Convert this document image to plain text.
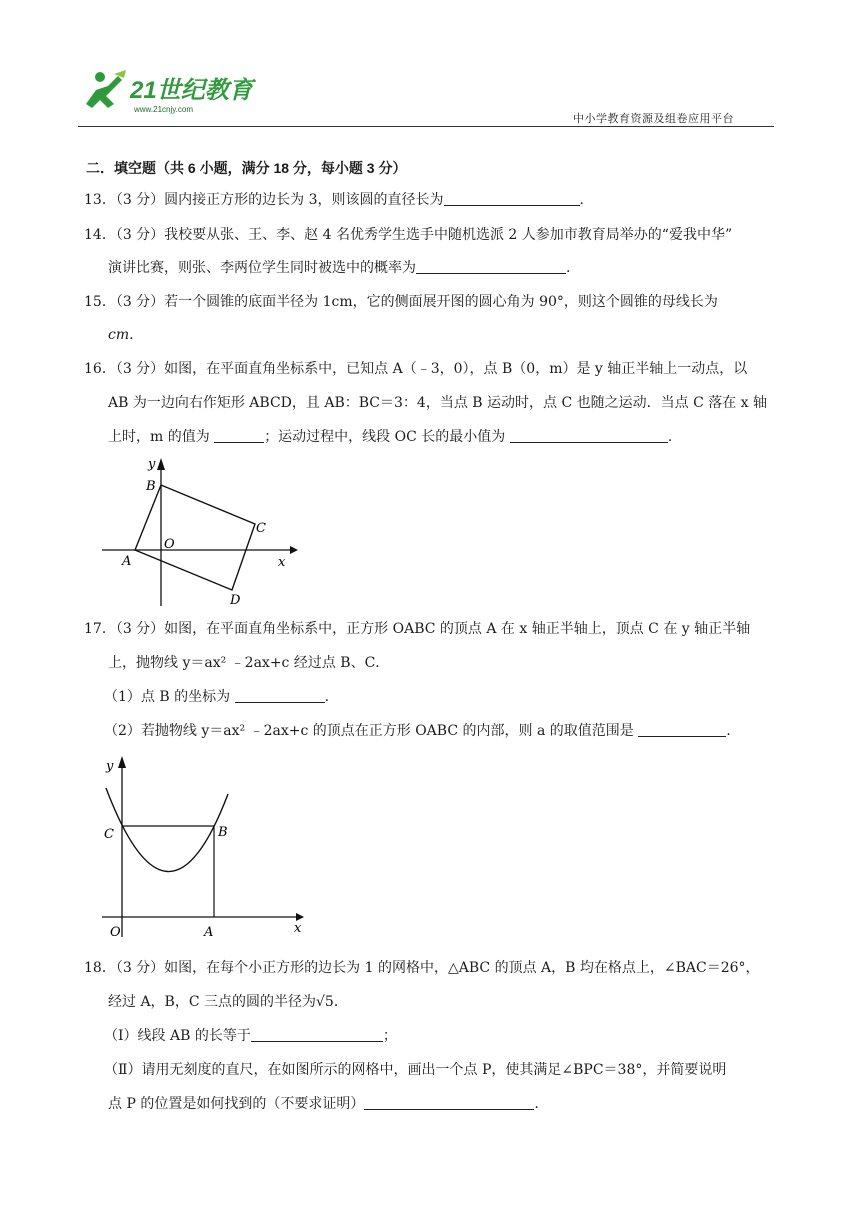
21世纪教育
www.21cnjy.com
中小学教育资源及组卷应用平台
二．填空题（共 6 小题，满分 18 分，每小题 3 分）
13．（3 分）圆内接正方形的边长为 3，则该圆的直径长为	.
14．（3 分）我校要从张、王、李、赵 4 名优秀学生选手中随机选派 2 人参加市教育局举办的“爱我中华”
演讲比赛，则张、李两位学生同时被选中的概率为	.
15．（3 分）若一个圆锥的底面半径为 1cm，它的侧面展开图的圆心角为 90°，则这个圆锥的母线长为
cm.
16．（3 分）如图，在平面直角坐标系中，已知点 A（﹣3，0），点 B（0，m）是 y 轴正半轴上一动点，以
AB 为一边向右作矩形 ABCD，且 AB：BC＝3：4，当点 B 运动时，点 C 也随之运动．当点 C 落在 x 轴
上时，m 的值为	；运动过程中，线段 OC 长的最小值为	.
y
x
B
C
O
A
D
17．（3 分）如图，在平面直角坐标系中，正方形 OABC 的顶点 A 在 x 轴正半轴上，顶点 C 在 y 轴正半轴
上，抛物线 y＝ax² ﹣2ax+c 经过点 B、C．
（1）点 B 的坐标为	.
（2）若抛物线 y＝ax² ﹣2ax+c 的顶点在正方形 OABC 的内部，则 a 的取值范围是	.
y
x
C	B
O	A
18．（3 分）如图，在每个小正方形的边长为 1 的网格中，△ABC 的顶点 A，B 均在格点上，∠BAC＝26°，
经过 A，B，C 三点的圆的半径为√5．
（Ⅰ）线段 AB 的长等于	；
（Ⅱ）请用无刻度的直尺，在如图所示的网格中，画出一个点 P，使其满足∠BPC＝38°，并简要说明
点 P 的位置是如何找到的（不要求证明）	.
